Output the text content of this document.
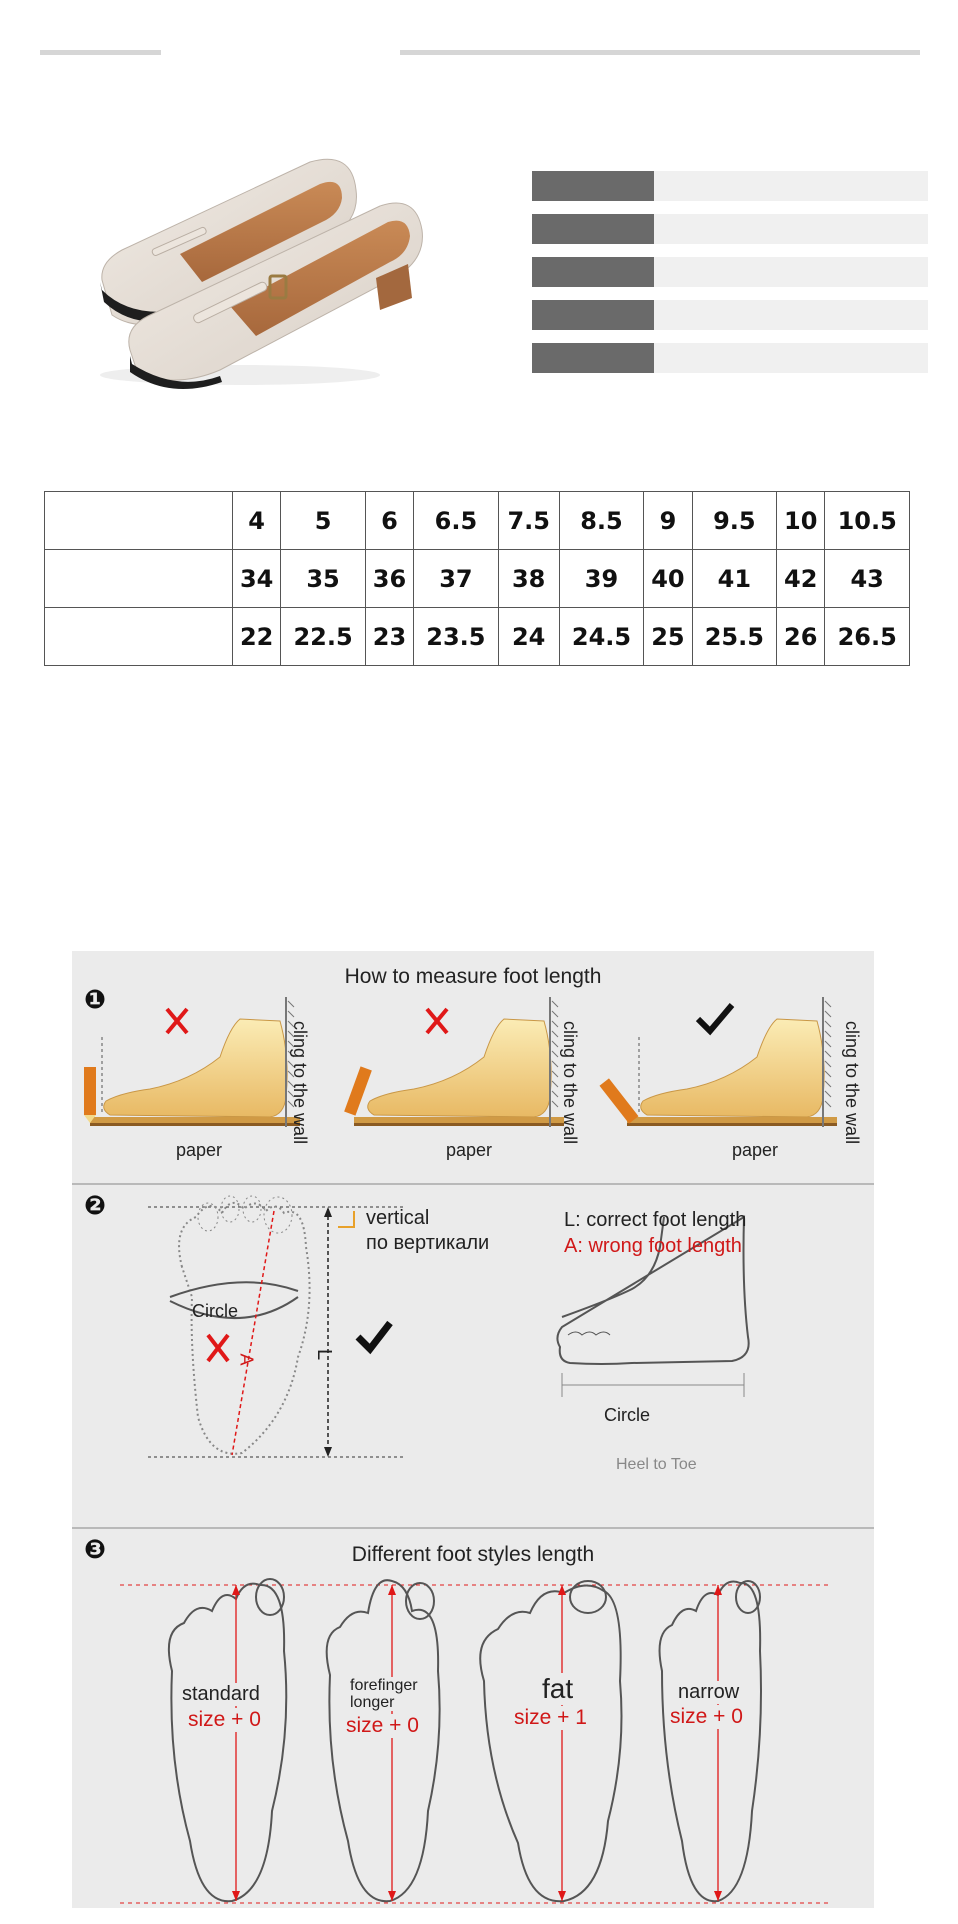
	4	5	6	6.5	7.5	8.5	9	9.5	10	10.5
	34	35	36	37	38	39	40	41	42	43
	22	22.5	23	23.5	24	24.5	25	25.5	26	26.5
❶
How to measure foot length
paper	paper	paper
cling to the wall	cling to the wall	cling to the wall
❷	vertical
по вертикали
L: correct foot length
A: wrong foot length
Circle
A	L
Circle
Heel to Toe
❸	Different foot styles length
standard
size + 0
forefinger longer
size + 0
fat
size + 1
narrow
size + 0
